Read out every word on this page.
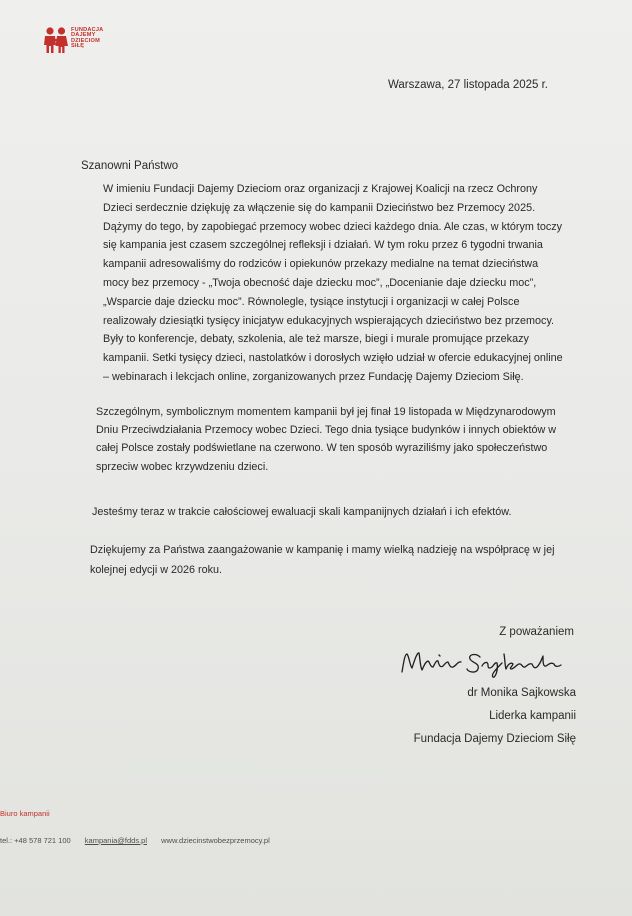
FUNDACJA
DAJEMY
DZIECIOM
SIŁĘ
Warszawa, 27 listopada 2025 r.
Szanowni Państwo

W imieniu Fundacji Dajemy Dzieciom oraz organizacji z Krajowej Koalicji na rzecz Ochrony Dzieci serdecznie dziękuję za włączenie się do kampanii Dzieciństwo bez Przemocy 2025. Dążymy do tego, by zapobiegać przemocy wobec dzieci każdego dnia. Ale czas, w którym toczy się kampania jest czasem szczególnej refleksji i działań. W tym roku przez 6 tygodni trwania kampanii adresowaliśmy do rodziców i opiekunów przekazy medialne na temat dzieciństwa mocy bez przemocy - „Twoja obecność daje dziecku moc”, „Docenianie daje dziecku moc”, „Wsparcie daje dziecku moc”. Równolegle, tysiące instytucji i organizacji w całej Polsce realizowały dziesiątki tysięcy inicjatyw edukacyjnych wspierających dzieciństwo bez przemocy. Były to konferencje, debaty, szkolenia, ale też marsze, biegi i murale promujące przekazy kampanii. Setki tysięcy dzieci, nastolatków i dorosłych wzięło udział w ofercie edukacyjnej online – webinarach i lekcjach online, zorganizowanych przez Fundację Dajemy Dzieciom Siłę.

Szczególnym, symbolicznym momentem kampanii był jej finał 19 listopada w Międzynarodowym Dniu Przeciwdziałania Przemocy wobec Dzieci. Tego dnia tysiące budynków i innych obiektów w całej Polsce zostały podświetlane na czerwono. W ten sposób wyraziliśmy jako społeczeństwo sprzeciw wobec krzywdzeniu dzieci.

Jesteśmy teraz w trakcie całościowej ewaluacji skali kampanijnych działań i ich efektów.

Dziękujemy za Państwa zaangażowanie w kampanię i mamy wielką nadzieję na współpracę w jej kolejnej edycji w 2026 roku.

Z poważaniem
dr Monika Sajkowska
Liderka kampanii
Fundacja Dajemy Dzieciom Siłę
Biuro kampanii
tel.: +48 578 721 100 kampania@fdds.pl www.dziecinstwobezprzemocy.pl
